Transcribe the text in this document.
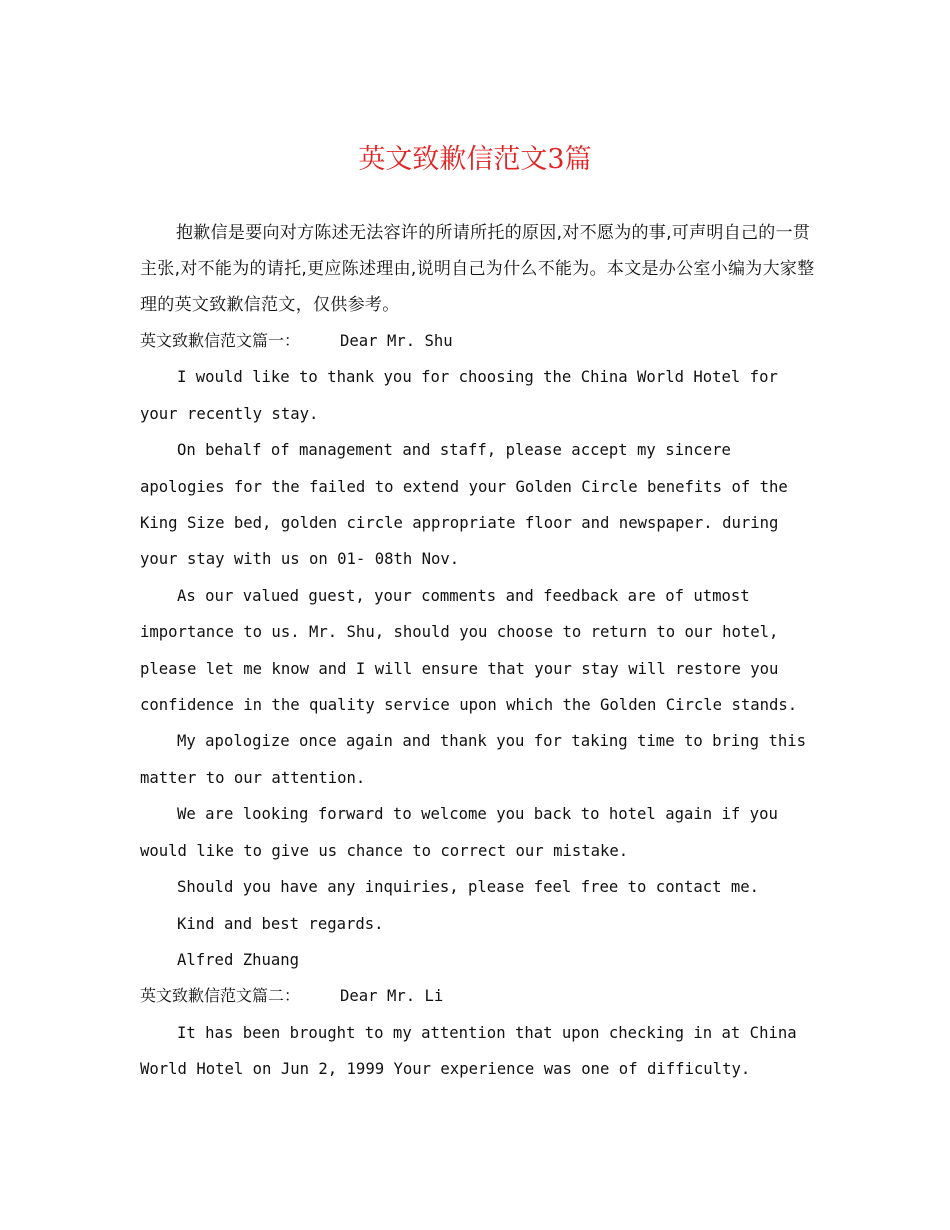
英文致歉信范文3篇

抱歉信是要向对方陈述无法容许的所请所托的原因,对不愿为的事,可声明自己的一贯主张,对不能为的请托,更应陈述理由,说明自己为什么不能为。本文是办公室小编为大家整理的英文致歉信范文，仅供参考。

英文致歉信范文篇一：	Dear Mr. Shu

I would like to thank you for choosing the China World Hotel for your recently stay.

On behalf of management and staff, please accept my sincere apologies for the failed to extend your Golden Circle benefits of the King Size bed, golden circle appropriate floor and newspaper. during your stay with us on 01- 08th Nov.

As our valued guest, your comments and feedback are of utmost importance to us. Mr. Shu, should you choose to return to our hotel, please let me know and I will ensure that your stay will restore you confidence in the quality service upon which the Golden Circle stands.

My apologize once again and thank you for taking time to bring this matter to our attention.

We are looking forward to welcome you back to hotel again if you would like to give us chance to correct our mistake.

Should you have any inquiries, please feel free to contact me.

Kind and best regards.

Alfred Zhuang

英文致歉信范文篇二：	Dear Mr. Li

It has been brought to my attention that upon checking in at China World Hotel on Jun 2, 1999 Your experience was one of difficulty.
